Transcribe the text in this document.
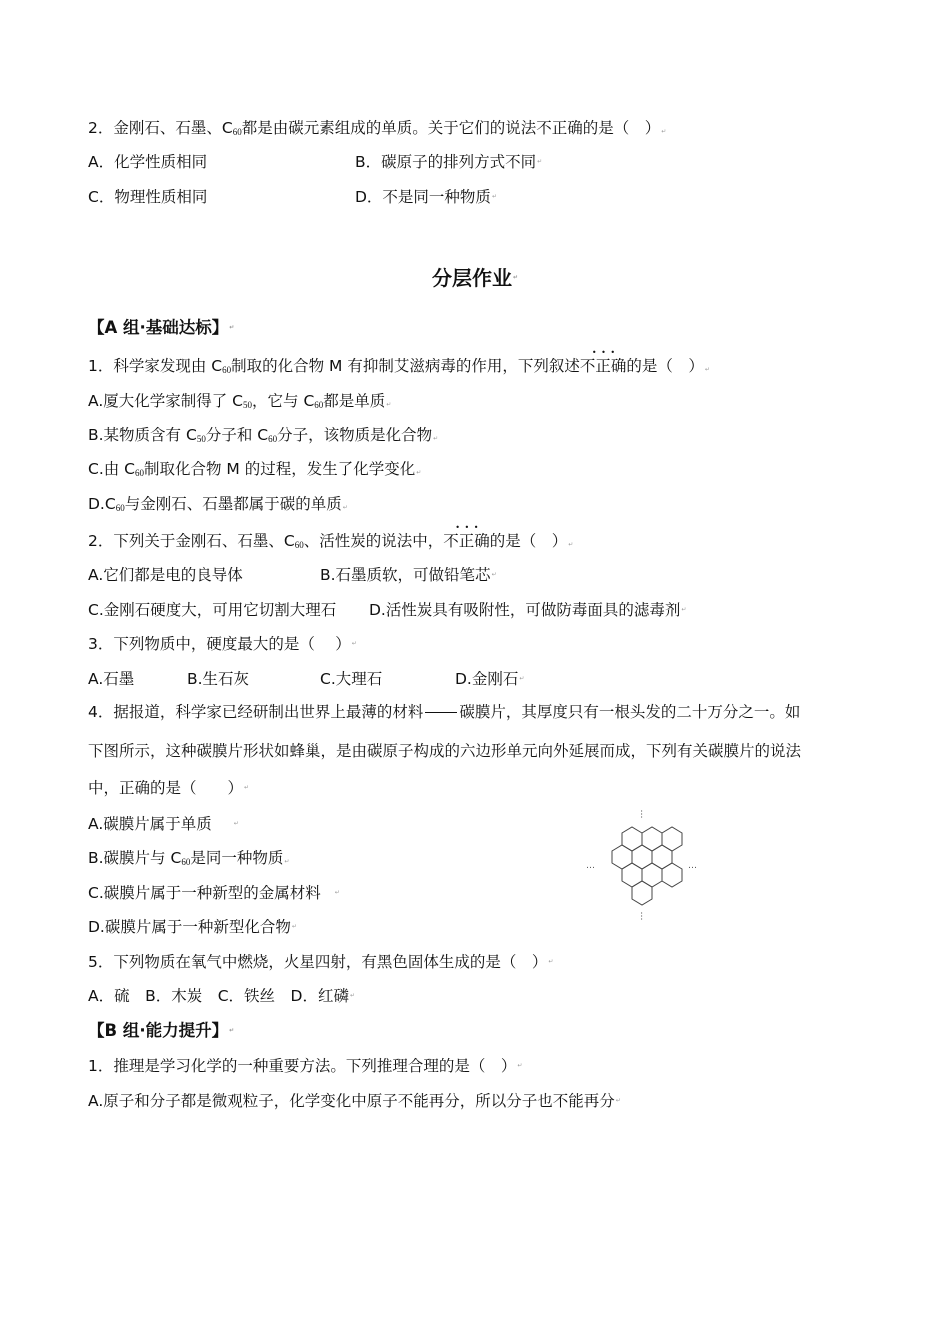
2．金刚石、石墨、$C_{60}$都是由碳元素组成的单质。关于它们的说法不正确的是（　）↵
A．化学性质相同	B．碳原子的排列方式不同↵
C．物理性质相同	D．不是同一种物质↵
分层作业↵
【A 组·基础达标】↵
1．科学家发现由 $C_{60}$制取的化合物 M 有抑制艾滋病毒的作用，下列叙述• • • 不正确的是（　）↵
A.厦大化学家制得了 $C_{50}$，它与 $C_{60}$都是单质↵
B.某物质含有 $C_{50}$分子和 $C_{60}$分子，该物质是化合物↵
C.由 $C_{60}$制取化合物 M 的过程，发生了化学变化↵
$D.C_{60}$与金刚石、石墨都属于碳的单质↵
2．下列关于金刚石、石墨、$C_{60}$、活性炭的说法中，• • • 不正确的是（　）↵
A.它们都是电的良导体	B.石墨质软，可做铅笔芯↵
C.金刚石硬度大，可用它切割大理石 D.活性炭具有吸附性，可做防毒面具的滤毒剂↵
3．下列物质中，硬度最大的是（　 ）↵
A.石墨	B.生石灰	C.大理石	D.金刚石↵
4．据报道，科学家已经研制出世界上最薄的材料 碳膜片，其厚度只有一根头发的二十万分之一。如
下图所示，这种碳膜片形状如蜂巢，是由碳原子构成的六边形单元向外延展而成，下列有关碳膜片的说法
中，正确的是（　　）↵
A.碳膜片属于单质	↵
B.碳膜片与 $C_{60}$是同一种物质↵
C.碳膜片属于一种新型的金属材料 ↵
D.碳膜片属于一种新型化合物↵
…
…	…
…
5．下列物质在氧气中燃烧，火星四射，有黑色固体生成的是（　）↵
A．硫　B．木炭　C．铁丝　D．红磷↵
【B 组·能力提升】↵
1．推理是学习化学的一种重要方法。下列推理合理的是（　）↵
A.原子和分子都是微观粒子，化学变化中原子不能再分，所以分子也不能再分↵
